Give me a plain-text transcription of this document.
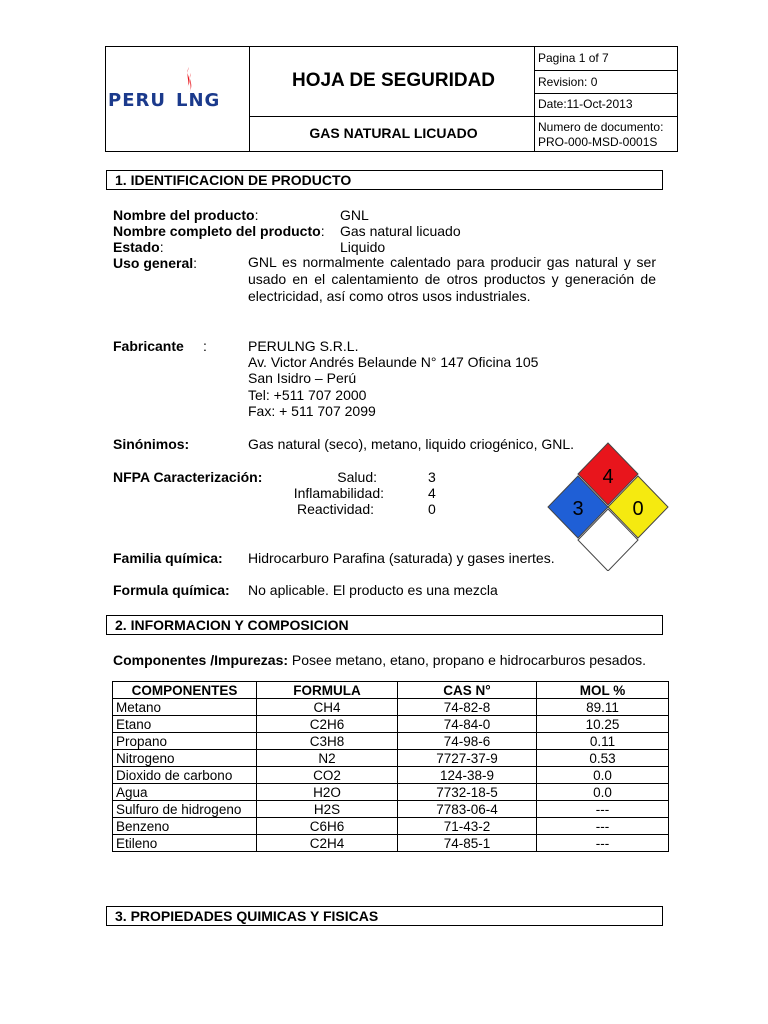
PERU LNG
HOJA DE SEGURIDAD
GAS NATURAL LICUADO
Pagina 1 of 7
Revision: 0
Date:11-Oct-2013
Numero de documento:
PRO-000-MSD-0001S
1. IDENTIFICACION DE PRODUCTO
Nombre del producto:	GNL
Nombre completo del producto: Gas natural licuado
Estado:	Liquido
Uso general:	GNL es normalmente calentado para producir gas natural y ser usado en el calentamiento de otros productos y generación de electricidad, así como otros usos industriales.
Fabricante :	PERULNG S.R.L.
Av. Victor Andrés Belaunde N° 147 Oficina 105
San Isidro – Perú
Tel: +511 707 2000
Fax: + 511 707 2099
Sinónimos:	Gas natural (seco), metano, liquido criogénico, GNL.
NFPA Caracterización:	Salud:	3
Inflamabilidad:	4
Reactividad:	0
4
3 0
Familia química: Hidrocarburo Parafina (saturada) y gases inertes.
Formula química: No aplicable. El producto es una mezcla
2. INFORMACION Y COMPOSICION
Componentes /Impurezas: Posee metano, etano, propano e hidrocarburos pesados.
COMPONENTES	FORMULA	CAS N°	MOL %
Metano	CH4	74-82-8	89.11
Etano	C2H6	74-84-0	10.25
Propano	C3H8	74-98-6	0.11
Nitrogeno	N2	7727-37-9	0.53
Dioxido de carbono	CO2	124-38-9	0.0
Agua	H2O	7732-18-5	0.0
Sulfuro de hidrogeno	H2S	7783-06-4	---
Benzeno	C6H6	71-43-2	---
Etileno	C2H4	74-85-1	---
3. PROPIEDADES QUIMICAS Y FISICAS
